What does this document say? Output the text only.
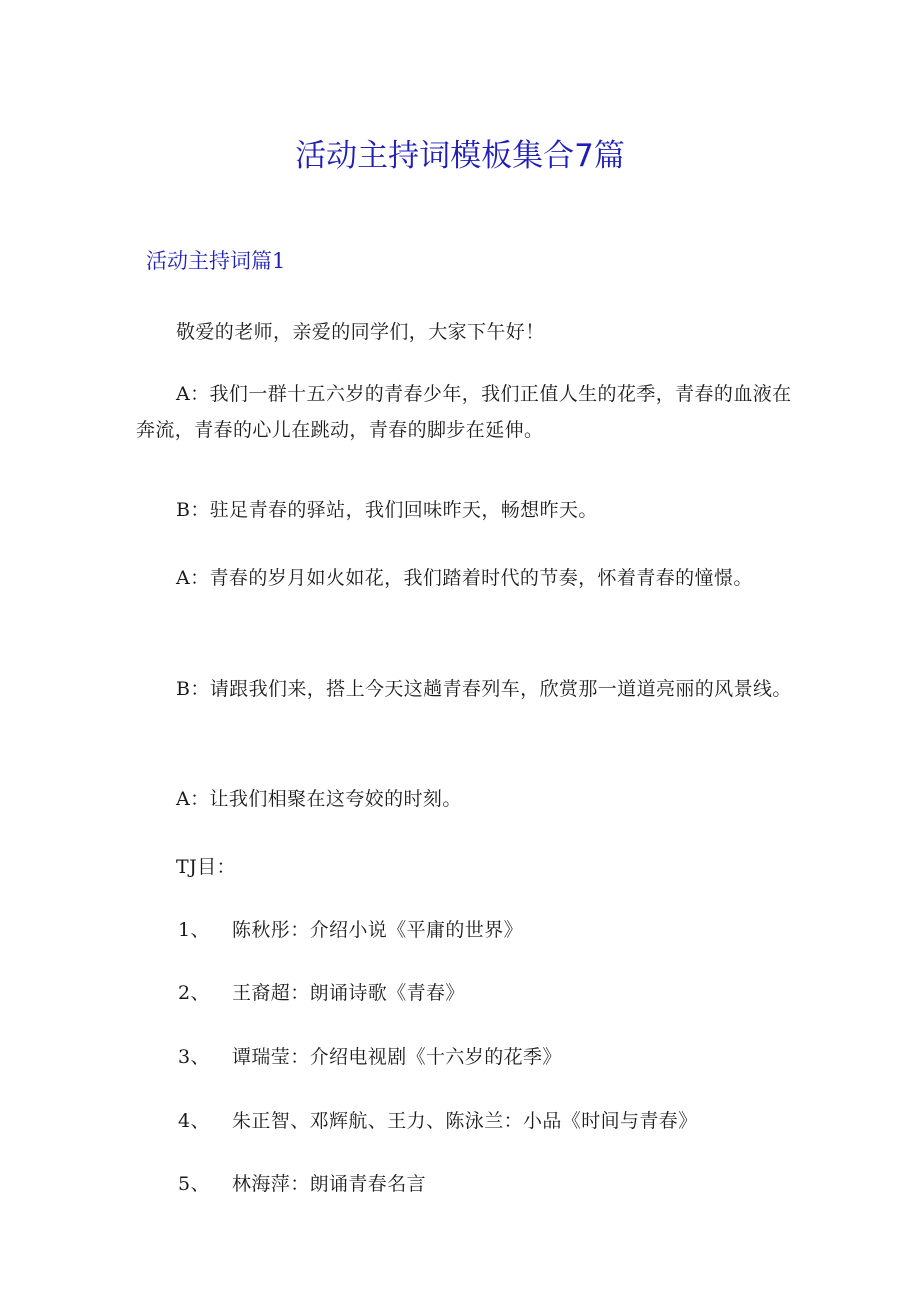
活动主持词模板集合7篇
活动主持词篇1

敬爱的老师，亲爱的同学们，大家下午好！

A：我们一群十五六岁的青春少年，我们正值人生的花季，青春的血液在奔流，青春的心儿在跳动，青春的脚步在延伸。

B：驻足青春的驿站，我们回味昨天，畅想昨天。

A：青春的岁月如火如花，我们踏着时代的节奏，怀着青春的憧憬。

B：请跟我们来，搭上今天这趟青春列车，欣赏那一道道亮丽的风景线。

A：让我们相聚在这夸姣的时刻。

TJ目：

1、 陈秋彤：介绍小说《平庸的世界》

2、 王裔超：朗诵诗歌《青春》

3、 谭瑞莹：介绍电视剧《十六岁的花季》

4、 朱正智、邓辉航、王力、陈泳兰：小品《时间与青春》

5、 林海萍：朗诵青春名言
